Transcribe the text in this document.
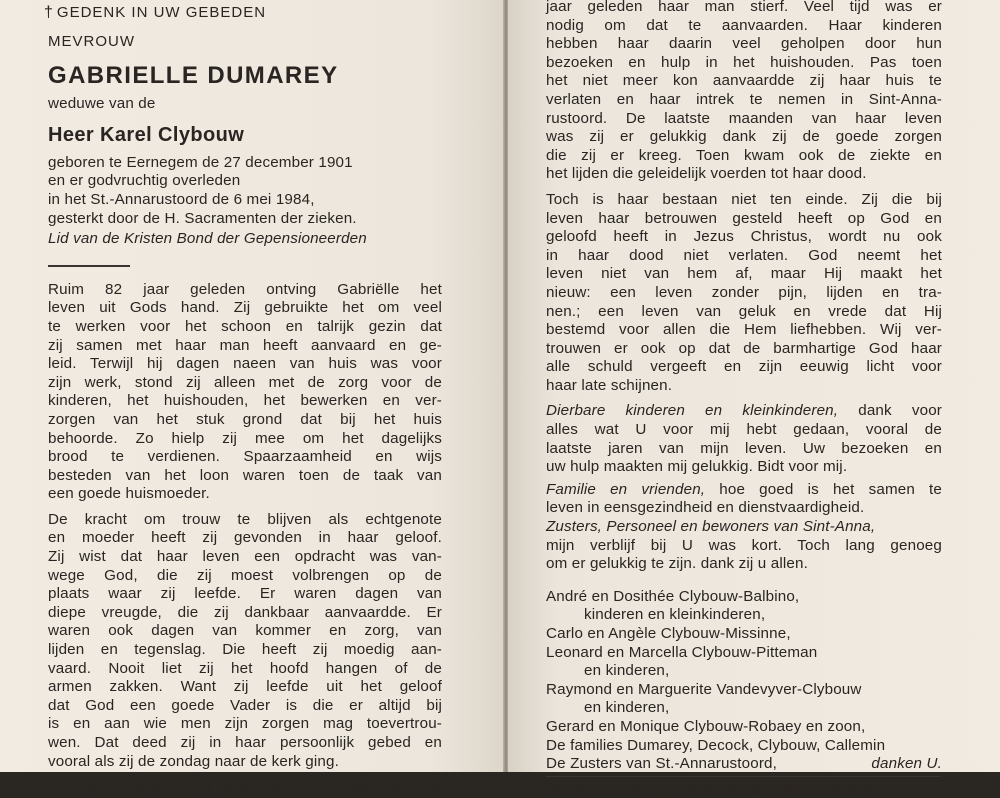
† GEDENK IN UW GEBEDEN
MEVROUW
GABRIELLE DUMAREY
weduwe van de
Heer Karel Clybouw
geboren te Eernegem de 27 december 1901
en er godvruchtig overleden
in het St.-Annarustoord de 6 mei 1984,
gesterkt door de H. Sacramenten der zieken.
Lid van de Kristen Bond der Gepensioneerden
Ruim 82 jaar geleden ontving Gabriëlle het
leven uit Gods hand. Zij gebruikte het om veel
te werken voor het schoon en talrijk gezin dat
zij samen met haar man heeft aanvaard en ge-
leid. Terwijl hij dagen naeen van huis was voor
zijn werk, stond zij alleen met de zorg voor de
kinderen, het huishouden, het bewerken en ver-
zorgen van het stuk grond dat bij het huis
behoorde. Zo hielp zij mee om het dagelijks
brood te verdienen. Spaarzaamheid en wijs
besteden van het loon waren toen de taak van
een goede huismoeder.
De kracht om trouw te blijven als echtgenote
en moeder heeft zij gevonden in haar geloof.
Zij wist dat haar leven een opdracht was van-
wege God, die zij moest volbrengen op de
plaats waar zij leefde. Er waren dagen van
diepe vreugde, die zij dankbaar aanvaardde. Er
waren ook dagen van kommer en zorg, van
lijden en tegenslag. Die heeft zij moedig aan-
vaard. Nooit liet zij het hoofd hangen of de
armen zakken. Want zij leefde uit het geloof
dat God een goede Vader is die er altijd bij
is en aan wie men zijn zorgen mag toevertrou-
wen. Dat deed zij in haar persoonlijk gebed en
vooral als zij de zondag naar de kerk ging.
Een grote beproeving was het voor haar toen 18
jaar geleden haar man stierf. Veel tijd was er
nodig om dat te aanvaarden. Haar kinderen
hebben haar daarin veel geholpen door hun
bezoeken en hulp in het huishouden. Pas toen
het niet meer kon aanvaardde zij haar huis te
verlaten en haar intrek te nemen in Sint-Anna-
rustoord. De laatste maanden van haar leven
was zij er gelukkig dank zij de goede zorgen
die zij er kreeg. Toen kwam ook de ziekte en
het lijden die geleidelijk voerden tot haar dood.
Toch is haar bestaan niet ten einde. Zij die bij
leven haar betrouwen gesteld heeft op God en
geloofd heeft in Jezus Christus, wordt nu ook
in haar dood niet verlaten. God neemt het
leven niet van hem af, maar Hij maakt het
nieuw: een leven zonder pijn, lijden en tra-
nen.; een leven van geluk en vrede dat Hij
bestemd voor allen die Hem liefhebben. Wij ver-
trouwen er ook op dat de barmhartige God haar
alle schuld vergeeft en zijn eeuwig licht voor
haar late schijnen.
Dierbare kinderen en kleinkinderen, dank voor
alles wat U voor mij hebt gedaan, vooral de
laatste jaren van mijn leven. Uw bezoeken en
uw hulp maakten mij gelukkig. Bidt voor mij.
Familie en vrienden, hoe goed is het samen te
leven in eensgezindheid en dienstvaardigheid.
Zusters, Personeel en bewoners van Sint-Anna,
mijn verblijf bij U was kort. Toch lang genoeg
om er gelukkig te zijn. dank zij u allen.
André en Dosithée Clybouw-Balbino,
kinderen en kleinkinderen,
Carlo en Angèle Clybouw-Missinne,
Leonard en Marcella Clybouw-Pitteman
en kinderen,
Raymond en Marguerite Vandevyver-Clybouw
en kinderen,
Gerard en Monique Clybouw-Robaey en zoon,
De families Dumarey, Decock, Clybouw, Callemin
De Zusters van St.-Annarustoord,	danken U.
Rouwl. Loncke - druk raf vlamynck eernegem
